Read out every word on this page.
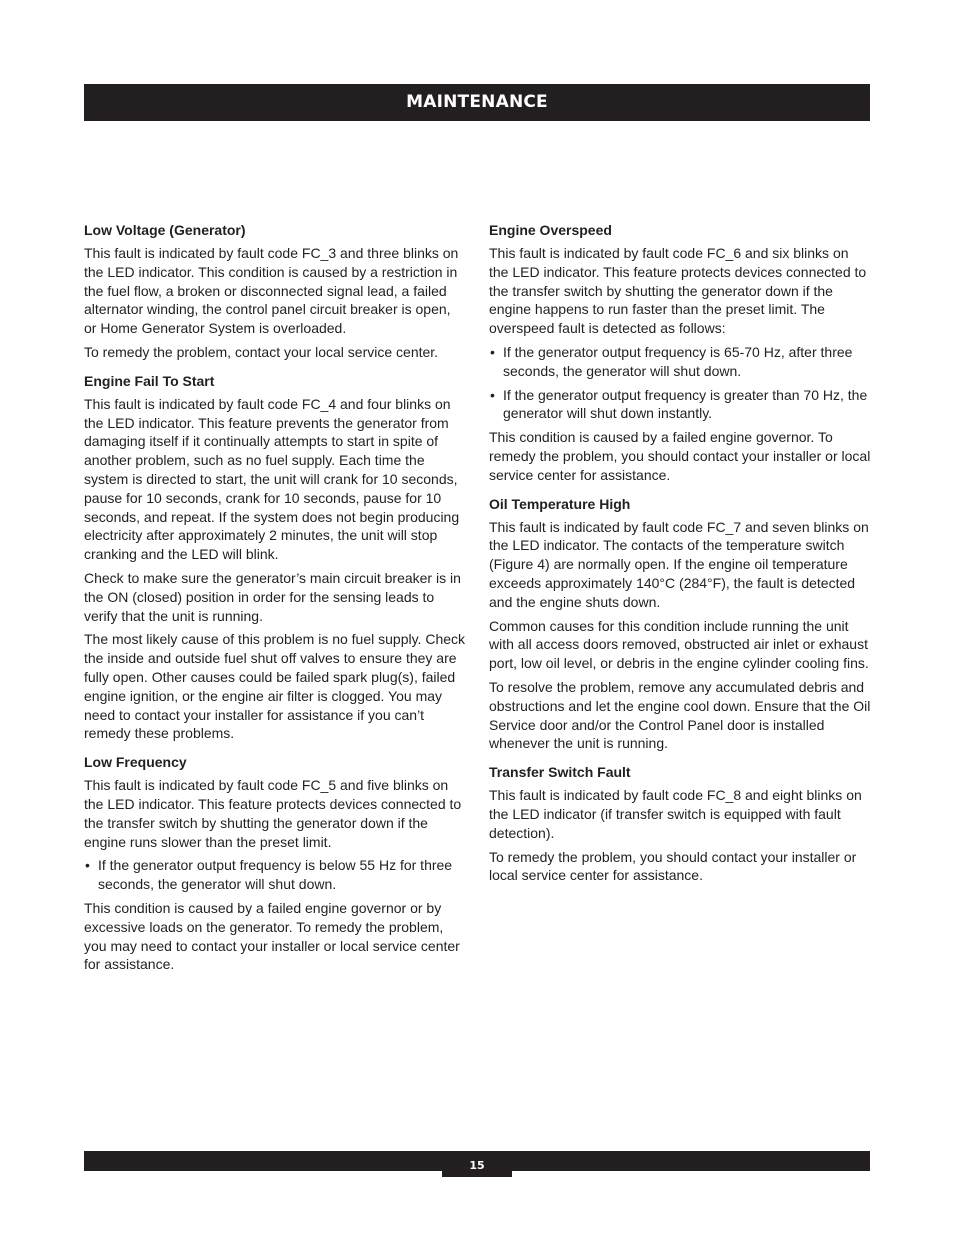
MAINTENANCE
Low Voltage (Generator)

This fault is indicated by fault code FC_3 and three blinks on the LED indicator. This condition is caused by a restriction in the fuel flow, a broken or disconnected signal lead, a failed alternator winding, the control panel circuit breaker is open, or Home Generator System is overloaded.

To remedy the problem, contact your local service center.

Engine Fail To Start

This fault is indicated by fault code FC_4 and four blinks on the LED indicator. This feature prevents the generator from damaging itself if it continually attempts to start in spite of another problem, such as no fuel supply. Each time the system is directed to start, the unit will crank for 10 seconds, pause for 10 seconds, crank for 10 seconds, pause for 10 seconds, and repeat. If the system does not begin producing electricity after approximately 2 minutes, the unit will stop cranking and the LED will blink.

Check to make sure the generator’s main circuit breaker is in the ON (closed) position in order for the sensing leads to verify that the unit is running.

The most likely cause of this problem is no fuel supply. Check the inside and outside fuel shut off valves to ensure they are fully open. Other causes could be failed spark plug(s), failed engine ignition, or the engine air filter is clogged. You may need to contact your installer for assistance if you can’t remedy these problems.

Low Frequency

This fault is indicated by fault code FC_5 and five blinks on the LED indicator. This feature protects devices connected to the transfer switch by shutting the generator down if the engine runs slower than the preset limit.

• If the generator output frequency is below 55 Hz for three seconds, the generator will shut down.

This condition is caused by a failed engine governor or by excessive loads on the generator. To remedy the problem, you may need to contact your installer or local service center for assistance.

Engine Overspeed

This fault is indicated by fault code FC_6 and six blinks on the LED indicator. This feature protects devices connected to the transfer switch by shutting the generator down if the engine happens to run faster than the preset limit. The overspeed fault is detected as follows:

• If the generator output frequency is 65-70 Hz, after three seconds, the generator will shut down.
• If the generator output frequency is greater than 70 Hz, the generator will shut down instantly.

This condition is caused by a failed engine governor. To remedy the problem, you should contact your installer or local service center for assistance.

Oil Temperature High

This fault is indicated by fault code FC_7 and seven blinks on the LED indicator. The contacts of the temperature switch (Figure 4) are normally open. If the engine oil temperature exceeds approximately 140°C (284°F), the fault is detected and the engine shuts down.

Common causes for this condition include running the unit with all access doors removed, obstructed air inlet or exhaust port, low oil level, or debris in the engine cylinder cooling fins.

To resolve the problem, remove any accumulated debris and obstructions and let the engine cool down. Ensure that the Oil Service door and/or the Control Panel door is installed whenever the unit is running.

Transfer Switch Fault

This fault is indicated by fault code FC_8 and eight blinks on the LED indicator (if transfer switch is equipped with fault detection).

To remedy the problem, you should contact your installer or local service center for assistance.

15
